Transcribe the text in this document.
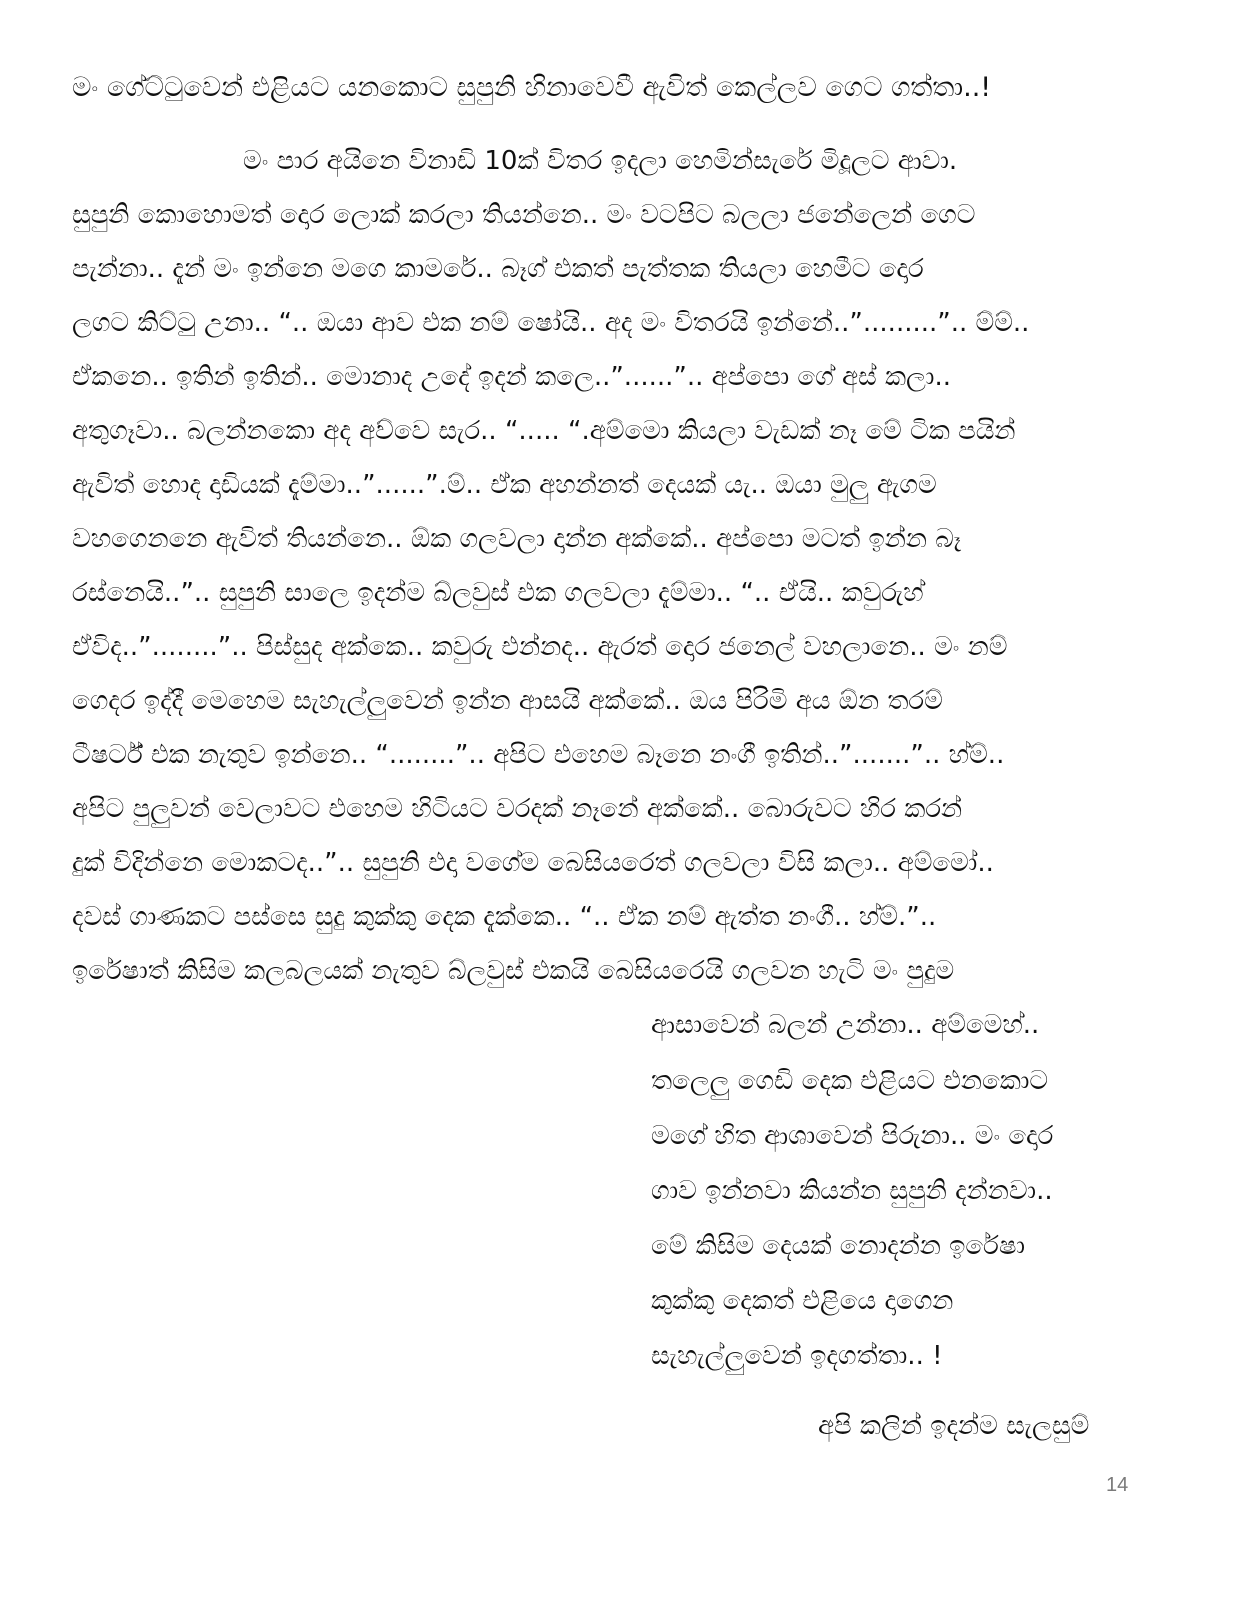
මං ගේට්ටුවෙන් එළියට යනකොට සුපුනි හිනාවෙවී ඇවිත් කෙල්ලව ගෙට ගත්තා..!
මං පාර අයිනෙ විනාඩි 10ක් විතර ඉදලා හෙමින්සැරේ මිදූලට ආවා.
සුපුනි කොහොමත් දොර ලොක් කරලා තියන්නෙ.. මං වටපිට බලලා ජනේලෙන් ගෙට
පැන්නා.. දැන් මං ඉන්නෙ මගෙ කාමරේ.. බෑග් එකත් පැත්තක තියලා හෙමීට දොර
ලගට කිට්ටු උනා.. “.. ඔයා ආව එක නම් ෂෝයි.. අද මං විතරයි ඉන්නේ..”.........”.. ම්ම්..
ඒකනෙ.. ඉතින් ඉතින්.. මොනාද උදේ ඉදන් කලෙ..”......”.. අප්පො ගේ අස් කලා..
අතුගෑවා.. බලන්නකො අද අව්වෙ සැර.. “..... “.අම්මො කියලා වැඩක් නෑ මේ ටික පයින්
ඇවිත් හොද දාඩියක් දැම්මා..”......”.ම්.. ඒක අහන්නත් දෙයක් යැ.. ඔයා මුලු ඇගම
වහගෙනනෙ ඇවිත් තියන්නෙ.. ඕක ගලවලා දාන්න අක්කේ.. අප්පො මටත් ඉන්න බෑ
රස්නෙයි..”.. සුපුනි සාලෙ ඉදන්ම බ්ලවුස් එක ගලවලා දැම්මා.. “.. ඒයි.. කවුරුහ්
ඒවිද..”........”.. පිස්සුද අක්කෙ.. කවුරු එන්නද.. ඇරත් දොර ජනෙල් වහලානෙ.. මං නම්
ගෙදර ඉද්දී මෙහෙම සැහැල්ලුවෙන් ඉන්න ආසයි අක්කේ.. ඔය පිරිමි අය ඕන තරම්
ටීෂර්ට් එක නැතුව ඉන්නෙ.. “........”.. අපිට එහෙම බෑනෙ නංගී ඉතින්..”.......”.. හ්ම්..
අපිට පුලුවන් වෙලාවට එහෙම හිටියට වරදක් නෑනේ අක්කේ.. බොරුවට හිර කරන්
දුක් විදින්නෙ මොකටද..”.. සුපුනි එදා වගේම බෙසියරෙත් ගලවලා විසි කලා.. අම්මෝ..
දවස් ගාණකට පස්සෙ සුදු කුක්කු දෙක දැක්කෙ.. “.. ඒක නම් ඇත්ත නංගී.. හ්ම්.”..
ඉරේෂාත් කිසිම කලබලයක් නැතුව බ්ලවුස් එකයි බෙසියරෙයි ගලවන හැටි මං පුදුම
ආසාවෙන් බලන් උන්නා.. අම්මෙහ්..
තලෙලු ගෙඩි දෙක එළියට එනකොට
මගේ හිත ආශාවෙන් පිරුනා.. මං දොර
ගාව ඉන්නවා කියන්න සුපුනි දන්නවා..
මේ කිසිම දෙයක් නොදන්න ඉරේෂා
කුක්කු දෙකත් එළියෙ දාගෙන
සැහැල්ලුවෙන් ඉදගත්තා.. !
අපි කලින් ඉදන්ම සැලසුම්
14
